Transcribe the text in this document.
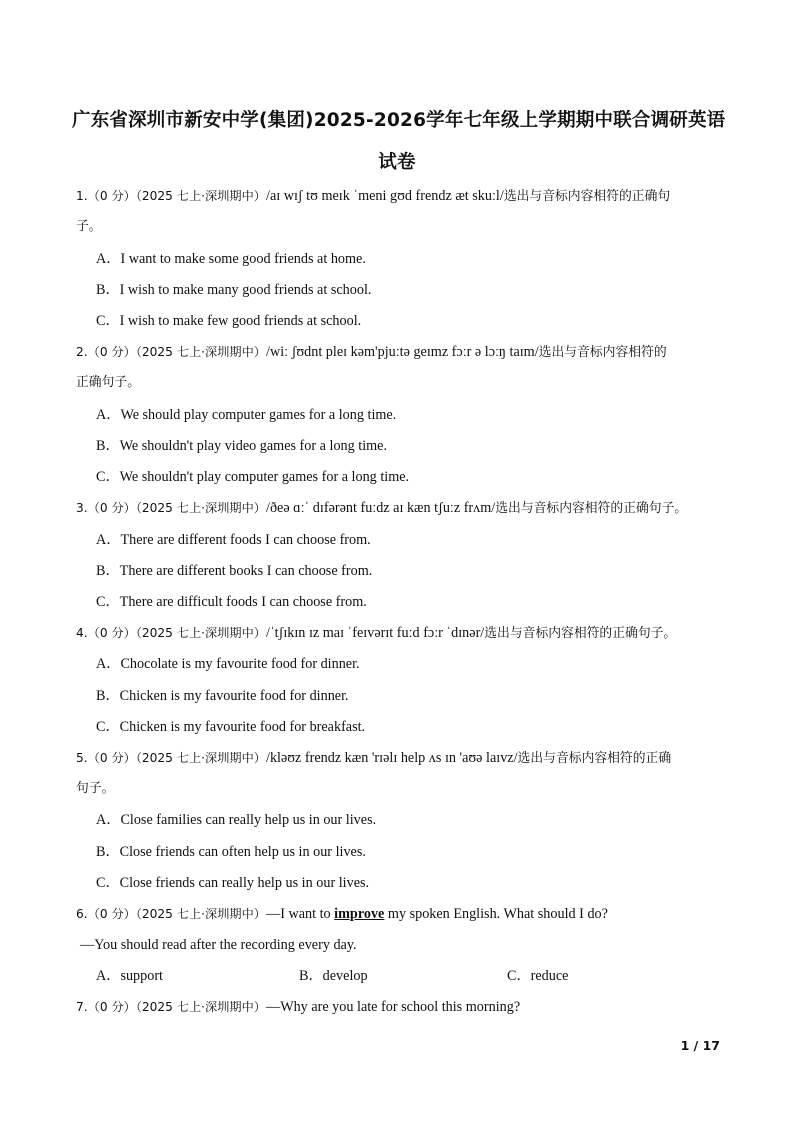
广东省深圳市新安中学(集团)2025-2026学年七年级上学期期中联合调研英语
试卷
1.（0 分）（2025 七上·深圳期中）/aɪ wɪʃ tʊ meɪk ˈmeni gʊd frendz æt skuːl/选出与音标内容相符的正确句
子。
A．I want to make some good friends at home.
B．I wish to make many good friends at school.
C．I wish to make few good friends at school.
2.（0 分）（2025 七上·深圳期中）/wiː ʃʊdnt pleɪ kəm'pjuːtə geɪmz fɔːr ə lɔːŋ taɪm/选出与音标内容相符的
正确句子。
A．We should play computer games for a long time.
B．We shouldn't play video games for a long time.
C．We shouldn't play computer games for a long time.
3.（0 分）（2025 七上·深圳期中）/ðeə ɑːˈ dɪfərənt fuːdz aɪ kæn tʃuːz frʌm/选出与音标内容相符的正确句子。
A．There are different foods I can choose from.
B．There are different books I can choose from.
C．There are difficult foods I can choose from.
4.（0 分）（2025 七上·深圳期中）/ˈtʃɪkɪn ɪz maɪ ˈfeɪvərɪt fuːd fɔːr ˈdɪnər/选出与音标内容相符的正确句子。
A．Chocolate is my favourite food for dinner.
B．Chicken is my favourite food for dinner.
C．Chicken is my favourite food for breakfast.
5.（0 分）（2025 七上·深圳期中）/kləʊz frendz kæn 'rɪəlɪ help ʌs ɪn 'aʊə laɪvz/选出与音标内容相符的正确
句子。
A．Close families can really help us in our lives.
B．Close friends can often help us in our lives.
C．Close friends can really help us in our lives.
6.（0 分）（2025 七上·深圳期中）—I want to improve my spoken English. What should I do?
—You should read after the recording every day.
A．support	B．develop	C．reduce
7.（0 分）（2025 七上·深圳期中）—Why are you late for school this morning?
1 / 17
